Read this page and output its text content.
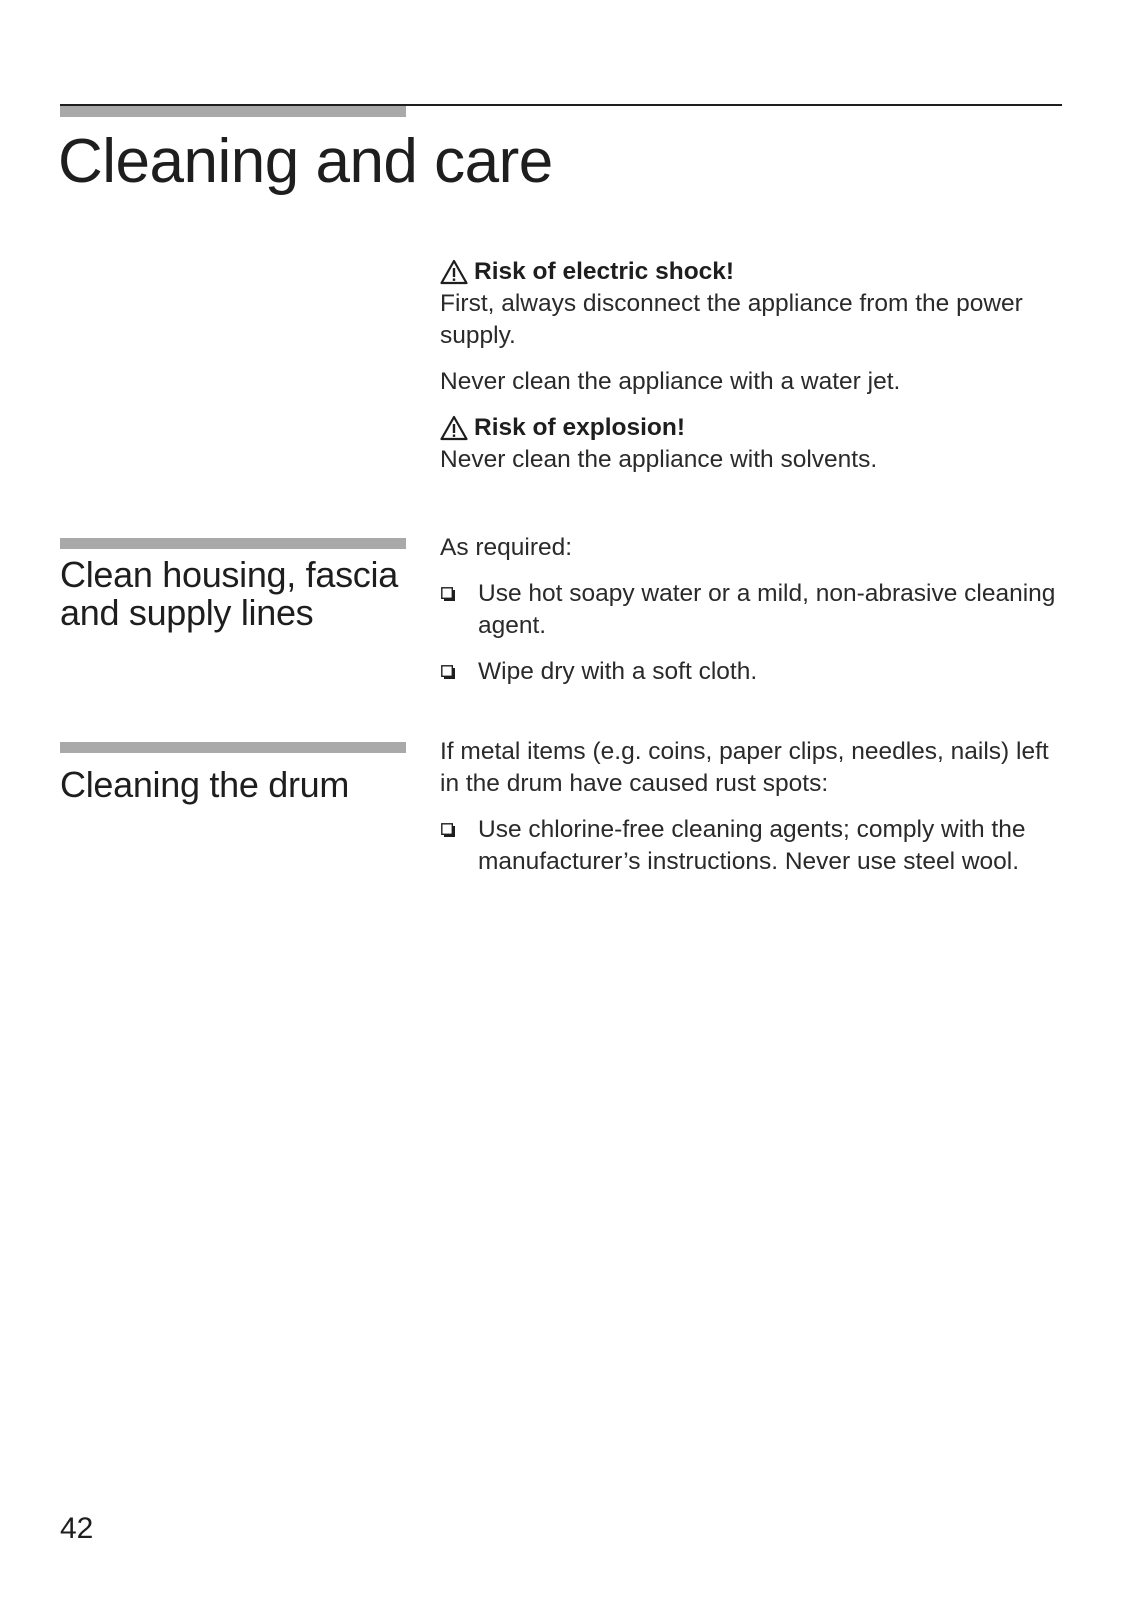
Cleaning and care
Risk of electric shock!

First, always disconnect the appliance from the power supply.

Never clean the appliance with a water jet.

Risk of explosion!

Never clean the appliance with solvents.

Clean housing, fascia and supply lines

As required:

Use hot soapy water or a mild, non-abrasive cleaning agent.
Wipe dry with a soft cloth.
Cleaning the drum

If metal items (e.g. coins, paper clips, needles, nails) left in the drum have caused rust spots:

Use chlorine-free cleaning agents; comply with the manufacturer’s instructions. Never use steel wool.
42
